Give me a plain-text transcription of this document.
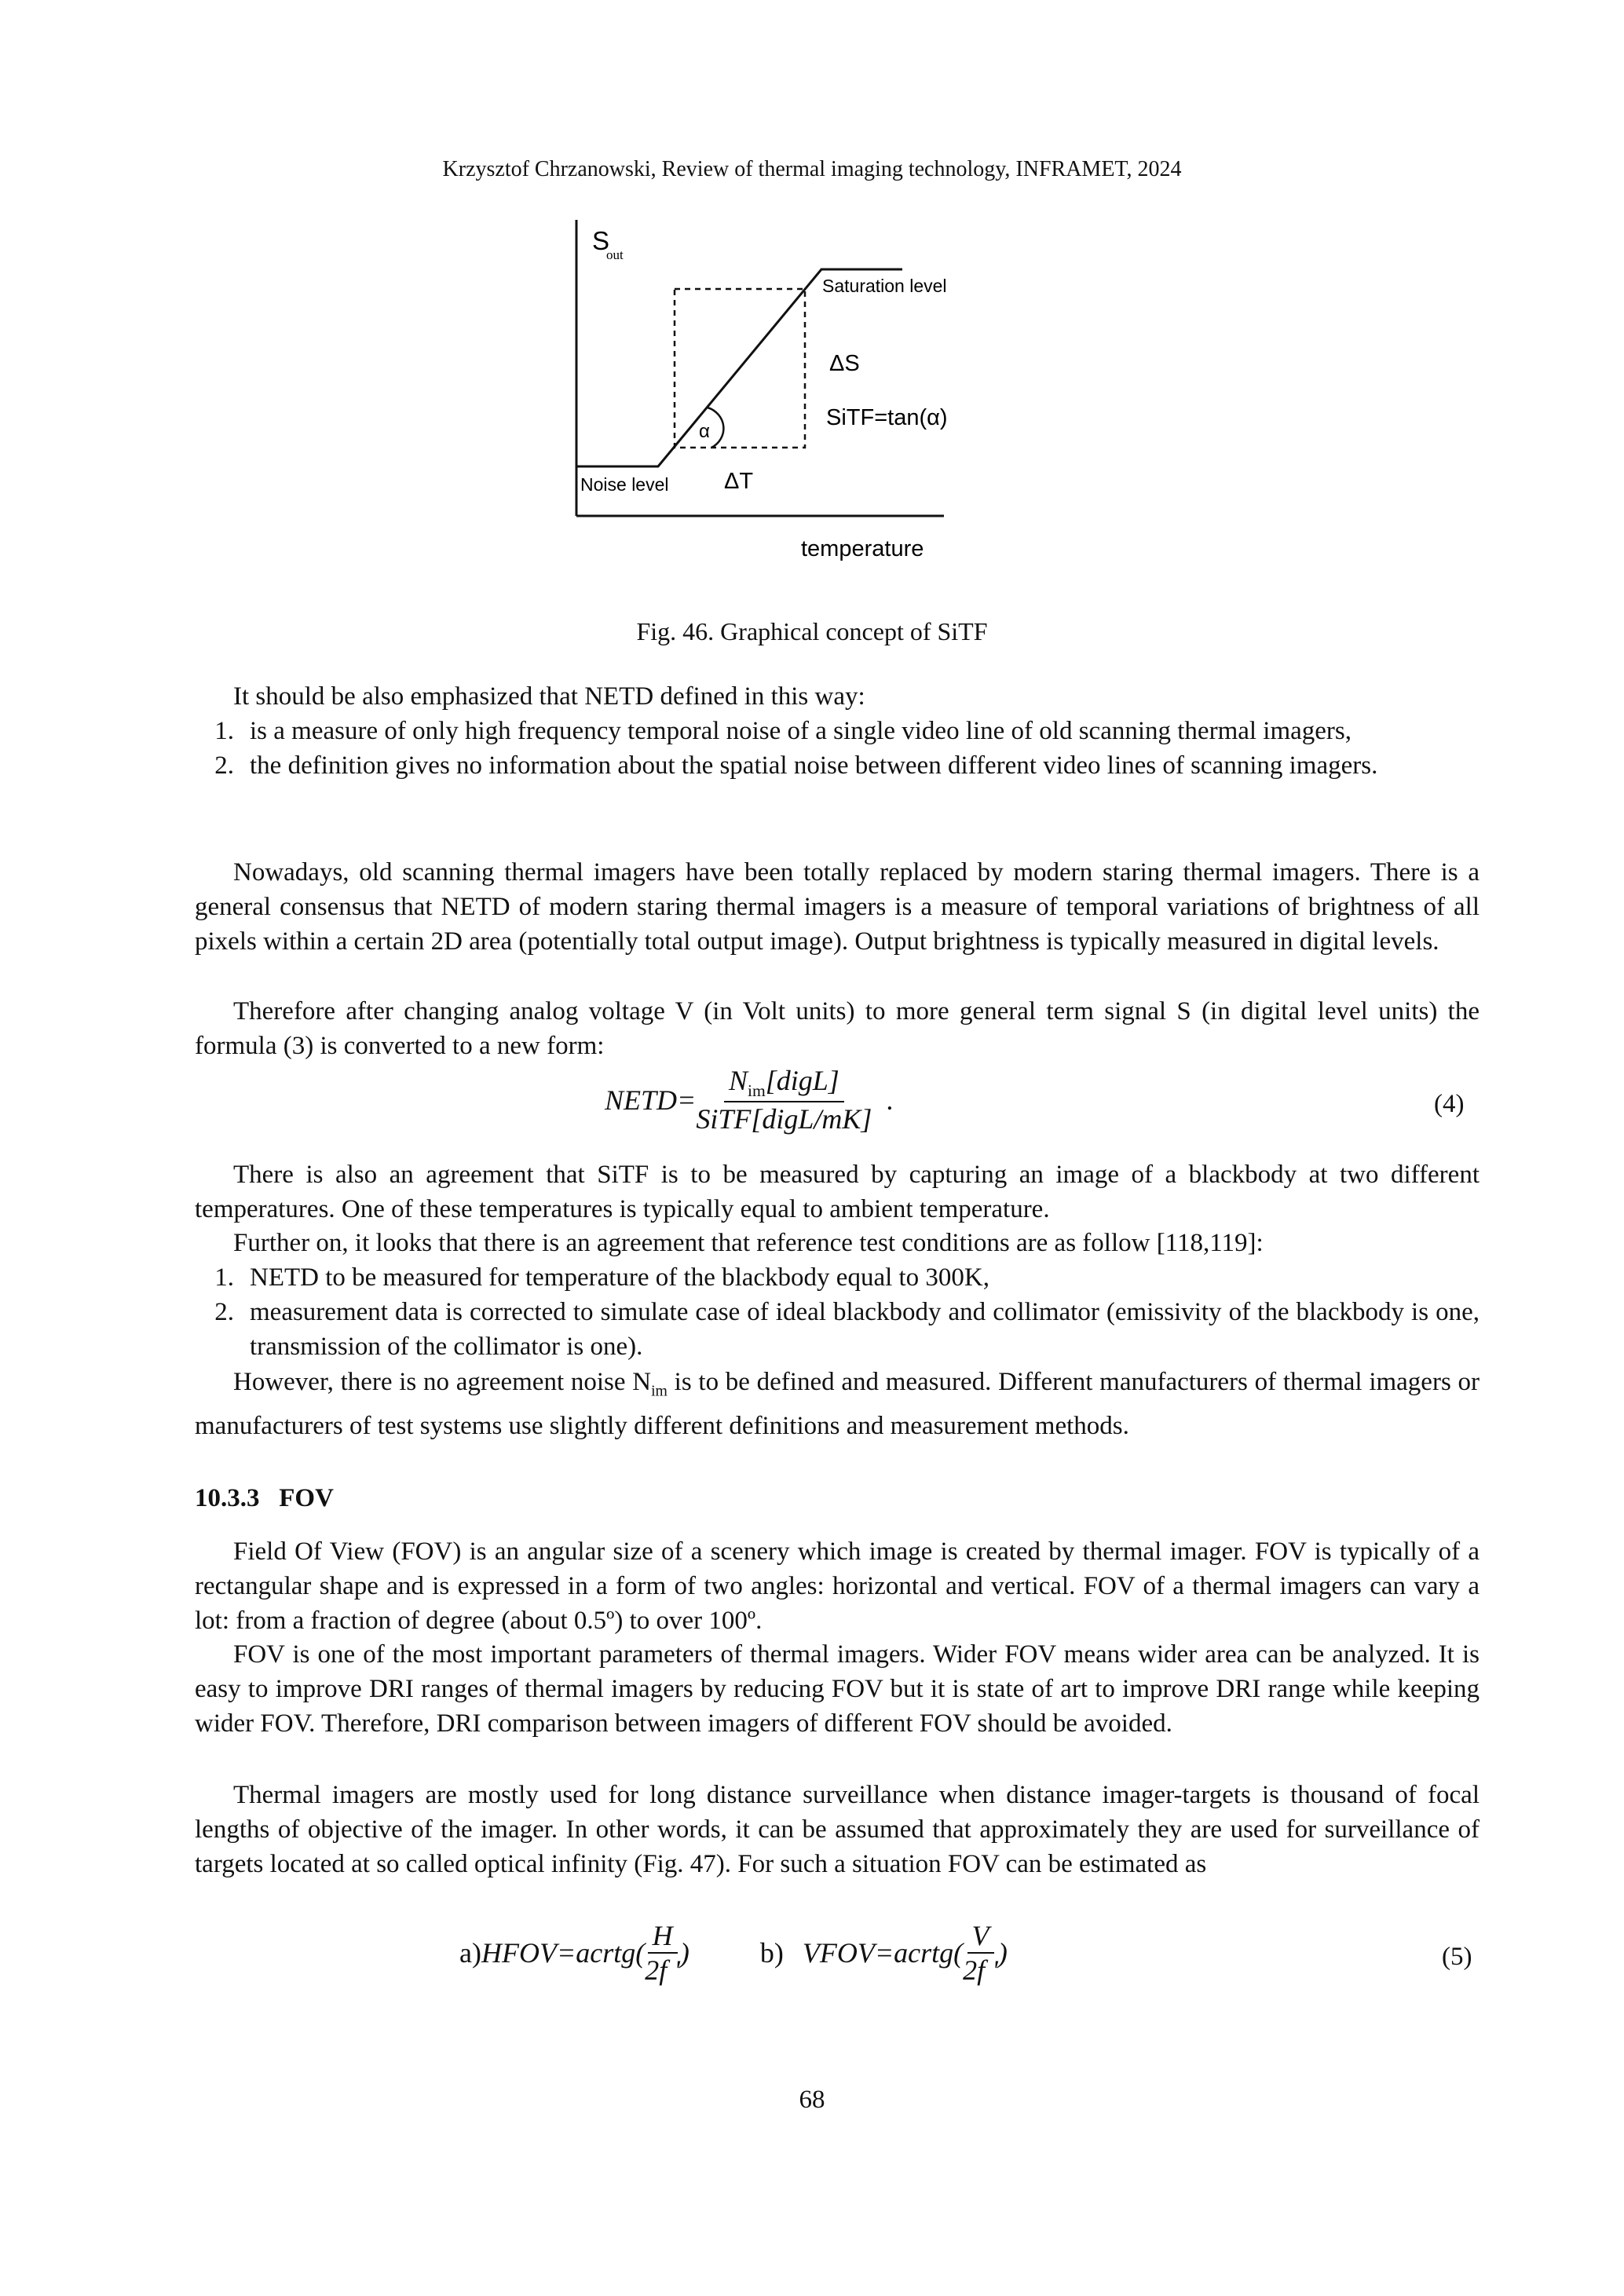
Krzysztof Chrzanowski, Review of thermal imaging technology, INFRAMET, 2024
S
out
Saturation level
ΔS
SiTF=tan(α)
α
ΔT
Noise level
temperature
Fig. 46. Graphical concept of SiTF
It should be also emphasized that NETD defined in this way:
1. is a measure of only high frequency temporal noise of a single video line of old scanning thermal imagers,
2. the definition gives no information about the spatial noise between different video lines of scanning imagers.
Nowadays, old scanning thermal imagers have been totally replaced by modern staring thermal imagers. There is a general consensus that NETD of modern staring thermal imagers is a measure of temporal variations of brightness of all pixels within a certain 2D area (potentially total output image). Output brightness is typically measured in digital levels.
Therefore after changing analog voltage V (in Volt units) to more general term signal S (in digital level units) the formula (3) is converted to a new form:
NETD= $\frac{N_{im}[digL]}{\text{SiTF[digL/mK]}}$ .	(4)
There is also an agreement that SiTF is to be measured by capturing an image of a blackbody at two different temperatures. One of these temperatures is typically equal to ambient temperature.
Further on, it looks that there is an agreement that reference test conditions are as follow [118,119]:
1. NETD to be measured for temperature of the blackbody equal to 300K,
2. measurement data is corrected to simulate case of ideal blackbody and collimator (emissivity of the blackbody is one, transmission of the collimator is one).
However, there is no agreement noise $N_{im}$ is to be defined and measured. Different manufacturers of thermal imagers or manufacturers of test systems use slightly different definitions and measurement methods.
10.3.3   FOV
Field Of View (FOV) is an angular size of a scenery which image is created by thermal imager. FOV is typically of a rectangular shape and is expressed in a form of two angles: horizontal and vertical. FOV of a thermal imagers can vary a lot: from a fraction of degree (about 0.5º) to over 100º.
FOV is one of the most important parameters of thermal imagers. Wider FOV means wider area can be analyzed. It is easy to improve DRI ranges of thermal imagers by reducing FOV but it is state of art to improve DRI range while keeping wider FOV. Therefore, DRI comparison between imagers of different FOV should be avoided.
Thermal imagers are mostly used for long distance surveillance when distance imager-targets is thousand of focal lengths of objective of the imager. In other words, it can be assumed that approximately they are used for surveillance of targets located at so called optical infinity (Fig. 47). For such a situation FOV can be estimated as
a) HFOV=acrtg( $\frac{H}{2f '}$ )	b) VFOV=acrtg( $\frac{V}{2f '}$ )	(5)
68
